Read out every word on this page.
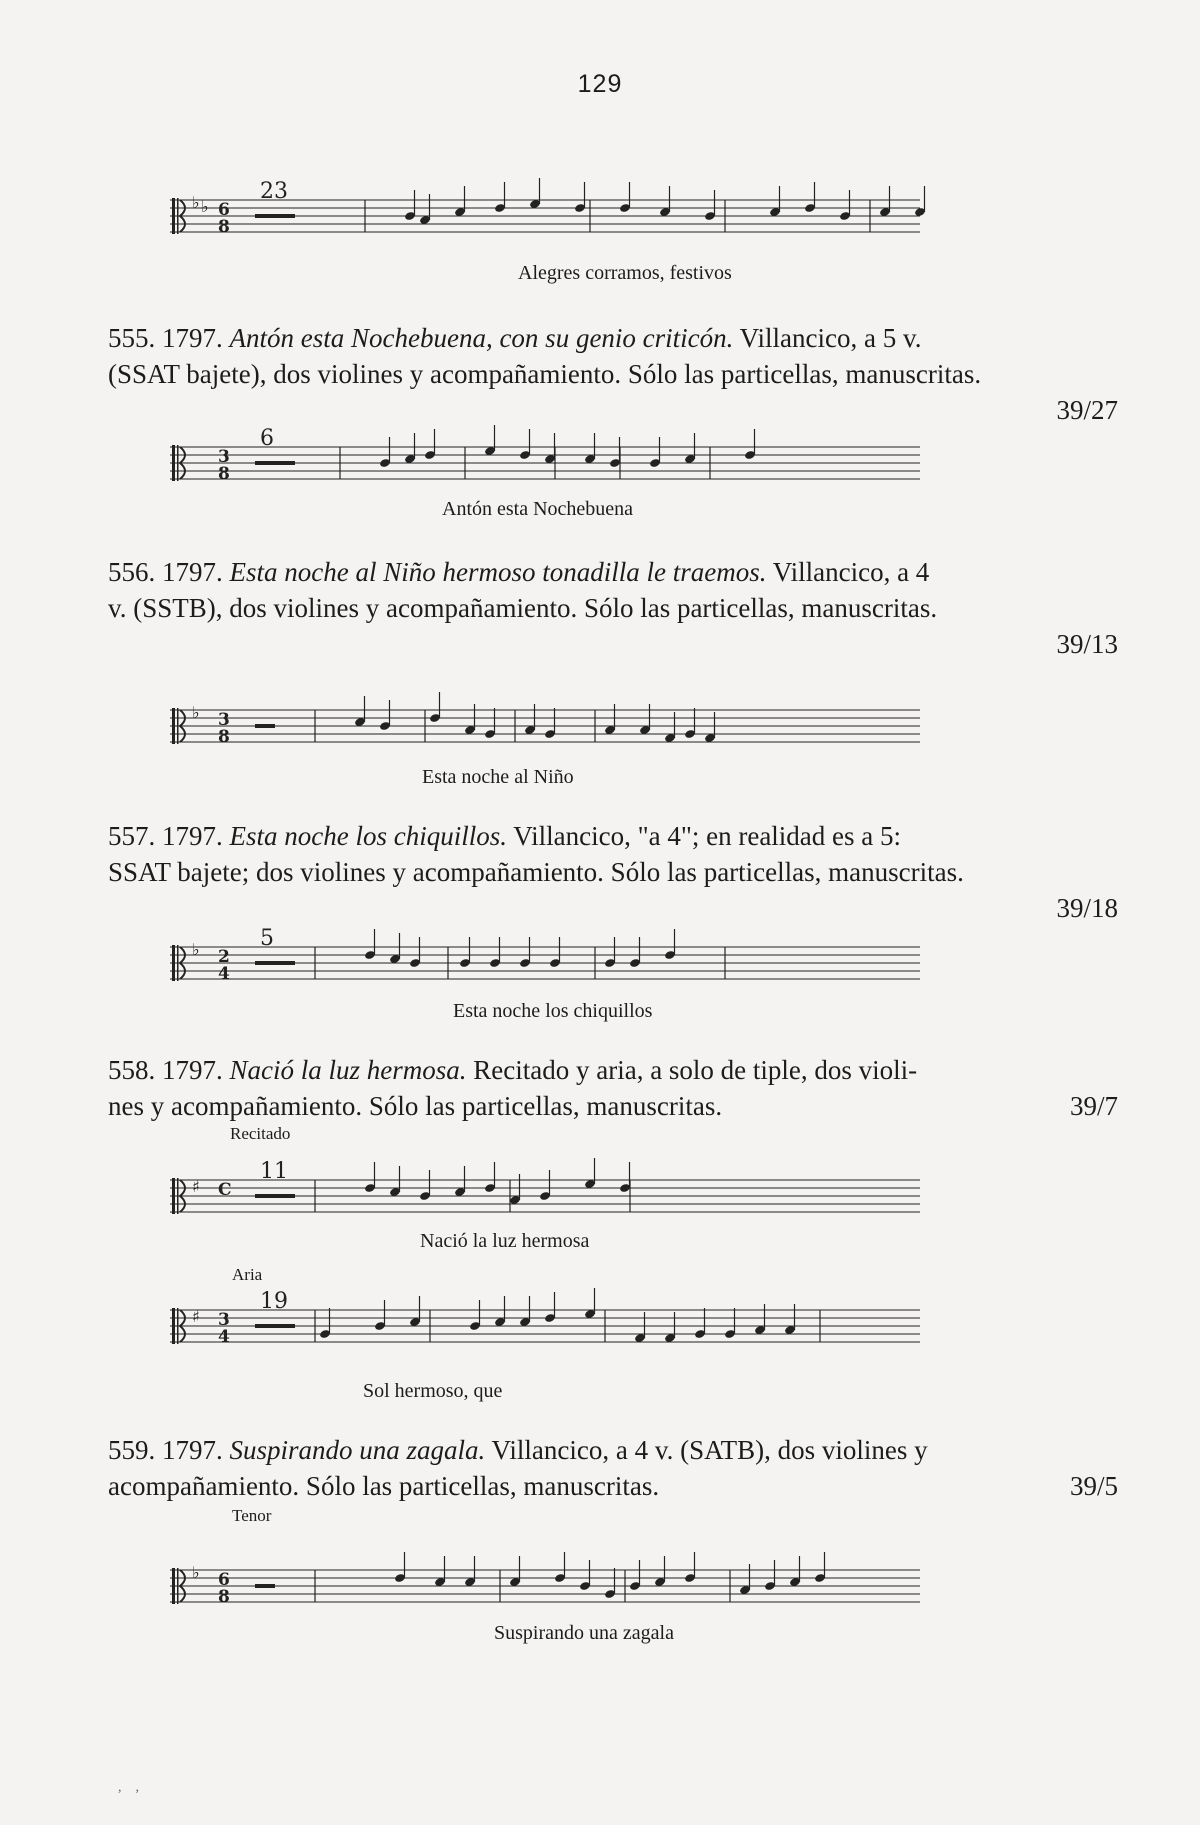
129
♭ ♭ 6
8
23
Alegres corramos, festivos

555. 1797. Antón esta Nochebuena, con su genio criticón. Villancico, a 5 v.

(SSAT bajete), dos violines y acompañamiento. Sólo las particellas, manuscritas.

39/27

3
8
6
Antón esta Nochebuena

556. 1797. Esta noche al Niño hermoso tonadilla le traemos. Villancico, a 4

v. (SSTB), dos violines y acompañamiento. Sólo las particellas, manuscritas.

39/13

♭ 3
8
Esta noche al Niño

557. 1797. Esta noche los chiquillos. Villancico, "a 4"; en realidad es a 5:

SSAT bajete; dos violines y acompañamiento. Sólo las particellas, manuscritas.

39/18

♭ 2
4
5
Esta noche los chiquillos

558. 1797. Nació la luz hermosa. Recitado y aria, a solo de tiple, dos violi-

nes y acompañamiento. Sólo las particellas, manuscritas.	39/7

Recitado
♯ C
11
Nació la luz hermosa
Aria
♯ 3
4
19
Sol hermoso, que

559. 1797. Suspirando una zagala. Villancico, a 4 v. (SATB), dos violines y

acompañamiento. Sólo las particellas, manuscritas.	39/5

Tenor
♭ 6
8
Suspirando una zagala
,    ,
